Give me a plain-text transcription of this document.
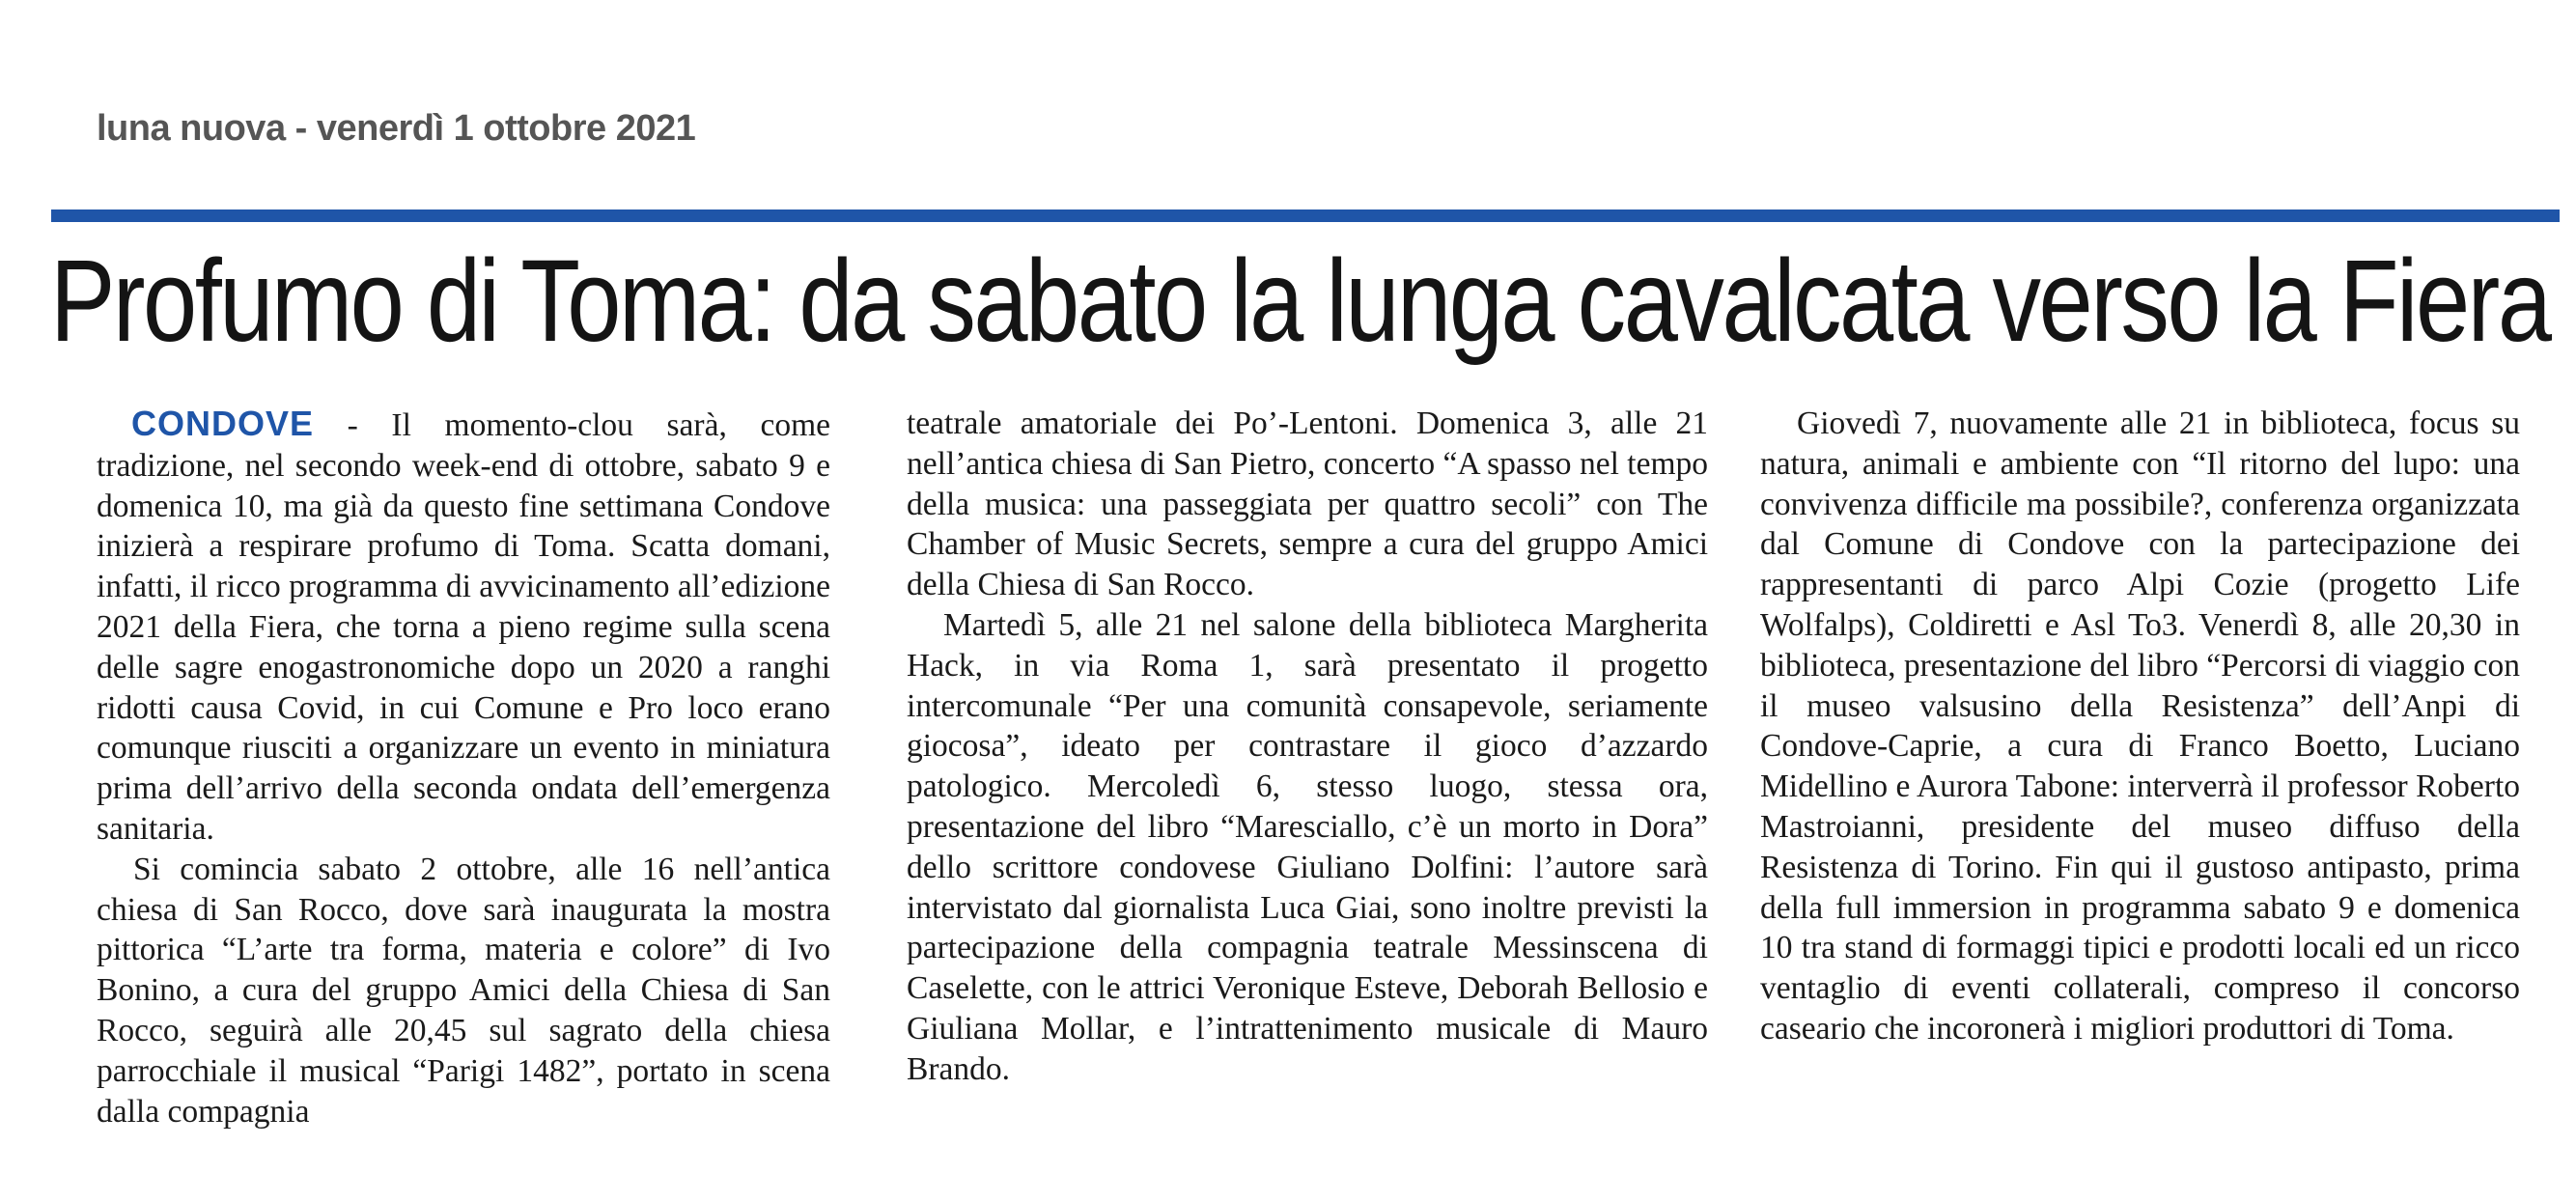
luna nuova - venerdì 1 ottobre 2021
Profumo di Toma: da sabato la lunga cavalcata verso la Fiera

CONDOVE - Il momento-clou sarà, come tradizione, nel secondo week-end di ottobre, sabato 9 e domenica 10, ma già da questo fine settimana Condove inizierà a respirare profumo di Toma. Scatta domani, infatti, il ricco programma di avvicinamento all’edizione 2021 della Fiera, che torna a pieno regime sulla scena delle sagre enogastronomiche dopo un 2020 a ranghi ridotti causa Covid, in cui Comune e Pro loco erano comunque riusciti a organizzare un evento in miniatura prima dell’arrivo della seconda ondata dell’emergenza sanitaria.

Si comincia sabato 2 ottobre, alle 16 nell’antica chiesa di San Rocco, dove sarà inaugurata la mostra pittorica “L’arte tra forma, materia e colore” di Ivo Bonino, a cura del gruppo Amici della Chiesa di San Rocco, seguirà alle 20,45 sul sagrato della chiesa parrocchiale il musical “Parigi 1482”, portato in scena dalla compagnia

teatrale amatoriale dei Po’-Lentoni. Domenica 3, alle 21 nell’antica chiesa di San Pietro, concerto “A spasso nel tempo della musica: una passeggiata per quattro secoli” con The Chamber of Music Secrets, sempre a cura del gruppo Amici della Chiesa di San Rocco.

Martedì 5, alle 21 nel salone della biblioteca Margherita Hack, in via Roma 1, sarà presentato il progetto intercomunale “Per una comunità consapevole, seriamente giocosa”, ideato per contrastare il gioco d’azzardo patologico. Mercoledì 6, stesso luogo, stessa ora, presentazione del libro “Maresciallo, c’è un morto in Dora” dello scrittore condovese Giuliano Dolfini: l’autore sarà intervistato dal giornalista Luca Giai, sono inoltre previsti la partecipazione della compagnia teatrale Messinscena di Caselette, con le attrici Veronique Esteve, Deborah Bellosio e Giuliana Mollar, e l’intrattenimento musicale di Mauro Brando.

Giovedì 7, nuovamente alle 21 in biblioteca, focus su natura, animali e ambiente con “Il ritorno del lupo: una convivenza difficile ma possibile?, conferenza organizzata dal Comune di Condove con la partecipazione dei rappresentanti di parco Alpi Cozie (progetto Life Wolfalps), Coldiretti e Asl To3. Venerdì 8, alle 20,30 in biblioteca, presentazione del libro “Percorsi di viaggio con il museo valsusino della Resistenza” dell’Anpi di Condove-Caprie, a cura di Franco Boetto, Luciano Midellino e Aurora Tabone: interverrà il professor Roberto Mastroianni, presidente del museo diffuso della Resistenza di Torino. Fin qui il gustoso antipasto, prima della full immersion in programma sabato 9 e domenica 10 tra stand di formaggi tipici e prodotti locali ed un ricco ventaglio di eventi collaterali, compreso il concorso caseario che incoronerà i migliori produttori di Toma.
